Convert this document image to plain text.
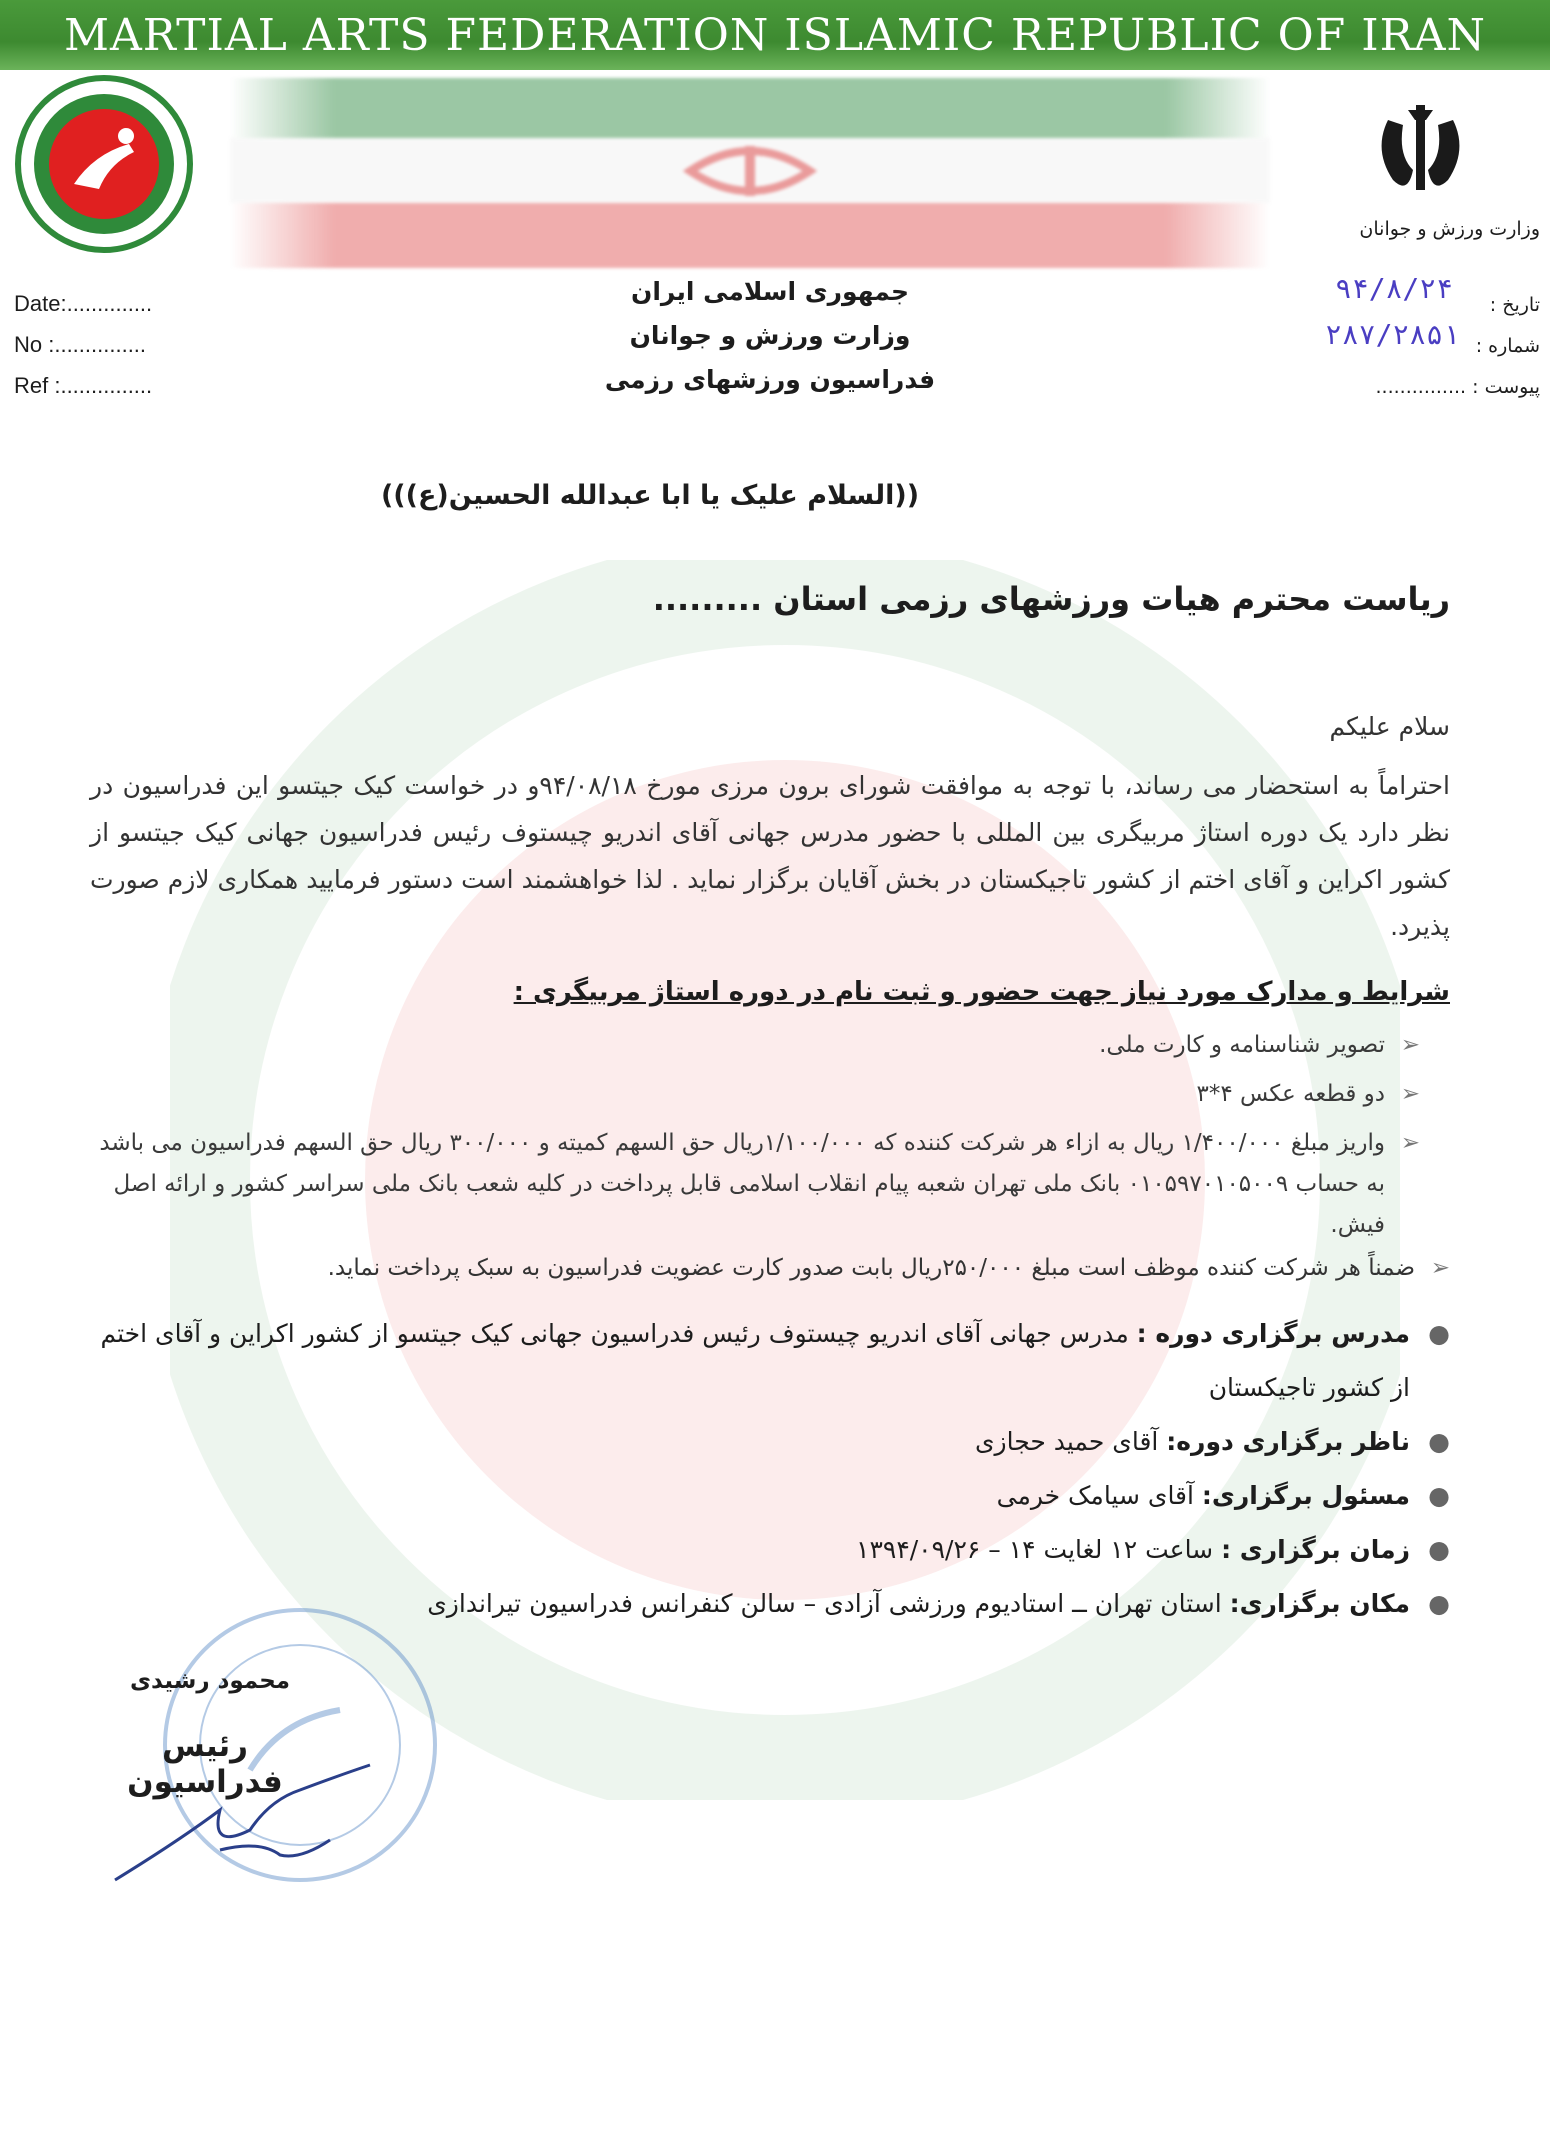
MARTIAL ARTS FEDERATION ISLAMIC REPUBLIC OF IRAN
وزارت ورزش و جوانان
Date:..............
No :...............
Ref :...............
جمهوری اسلامی ایران
وزارت ورزش و جوانان
فدراسیون ورزشهای رزمی
تاریخ :
شماره :
پیوست : ...............
۹۴/۸/۲۴
۲۸۷/۲۸۵۱
((السلام علیک یا ابا عبدالله الحسین(ع)))
ریاست محترم هیات ورزشهای رزمی استان .........
سلام علیکم
احتراماً به استحضار می رساند، با توجه به موافقت شورای برون مرزی مورخ ۹۴/۰۸/۱۸و در خواست کیک جیتسو این فدراسیون در نظر دارد یک دوره استاژ مربیگری بین المللی با حضور مدرس جهانی آقای اندریو چیستوف رئیس فدراسیون جهانی کیک جیتسو از کشور اکراین و آقای اختم از کشور تاجیکستان در بخش آقایان برگزار نماید . لذا خواهشمند است دستور فرمایید همکاری لازم صورت پذیرد.
شرایط و مدارک مورد نیاز جهت حضور و ثبت نام در دوره استاژ مربیگری :
➢
تصویر شناسنامه و کارت ملی.
➢
دو قطعه عکس ۴*۳
➢
واریز مبلغ ۱/۴۰۰/۰۰۰ ریال به ازاء هر شرکت کننده که ۱/۱۰۰/۰۰۰ریال حق السهم کمیته و ۳۰۰/۰۰۰ ریال حق السهم فدراسیون می باشد به حساب ۰۱۰۵۹۷۰۱۰۵۰۰۹ بانک ملی تهران شعبه پیام انقلاب اسلامی قابل پرداخت در کلیه شعب بانک ملی سراسر کشور و ارائه اصل فیش.
➢
ضمناً هر شرکت کننده موظف است مبلغ ۲۵۰/۰۰۰ریال بابت صدور کارت عضویت فدراسیون به سبک پرداخت نماید.
●
مدرس برگزاری دوره : مدرس جهانی آقای اندریو چیستوف رئیس فدراسیون جهانی کیک جیتسو از کشور اکراین و آقای اختم از کشور تاجیکستان
●
ناظر برگزاری دوره: آقای حمید حجازی
●
مسئول برگزاری: آقای سیامک خرمی
●
زمان برگزاری : ساعت ۱۲ لغایت ۱۴ – ۱۳۹۴/۰۹/۲۶
●
مکان برگزاری: استان تهران ــ استادیوم ورزشی آزادی – سالن کنفرانس فدراسیون تیراندازی
محمود رشیدی
رئیس فدراسیون
